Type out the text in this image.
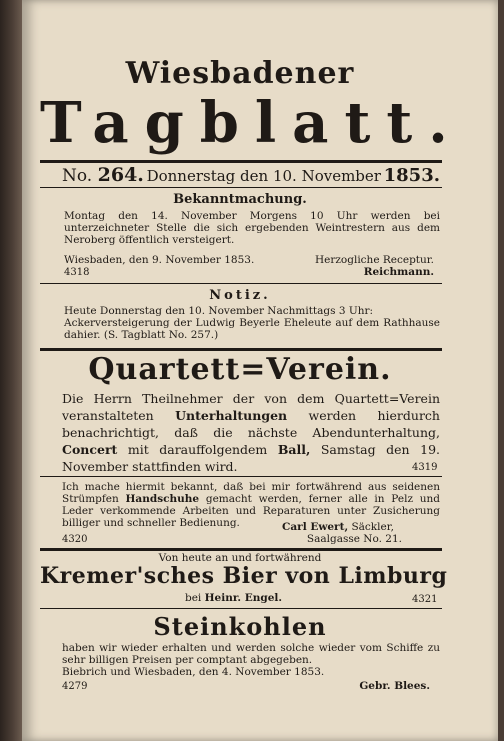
Wiesbadener
Tagblatt.
No. 264. Donnerstag den 10. November 1853.
Bekanntmachung.
Montag den 14. November Morgens 10 Uhr werden bei unterzeichneter Stelle die sich ergebenden Weintrestern aus dem Neroberg öffentlich versteigert.
Wiesbaden, den 9. November 1853.	Herzogliche Receptur.
4318	Reichmann.
Notiz.
Heute Donnerstag den 10. November Nachmittags 3 Uhr:
Ackerversteigerung der Ludwig Beyerle Eheleute auf dem Rathhause dahier. (S. Tagblatt No. 257.)
Quartett=Verein.
Die Herrn Theilnehmer der von dem Quartett=Verein veranstalteten Unterhaltungen werden hierdurch benachrichtigt, daß die nächste Abendunterhaltung, Concert mit darauffolgendem Ball, Samstag den 19. November stattfinden wird.	4319
Ich mache hiermit bekannt, daß bei mir fortwährend aus seidenen Strümpfen Handschuhe gemacht werden, ferner alle in Pelz und Leder verkommende Arbeiten und Reparaturen unter Zusicherung billiger und schneller Bedienung.	Carl Ewert, Säckler,
4320	Saalgasse No. 21.
Von heute an und fortwährend
Kremer'sches Bier von Limburg
bei Heinr. Engel.	4321
Steinkohlen
haben wir wieder erhalten und werden solche wieder vom Schiffe zu sehr billigen Preisen per comptant abgegeben.
Biebrich und Wiesbaden, den 4. November 1853.
4279	Gebr. Blees.
